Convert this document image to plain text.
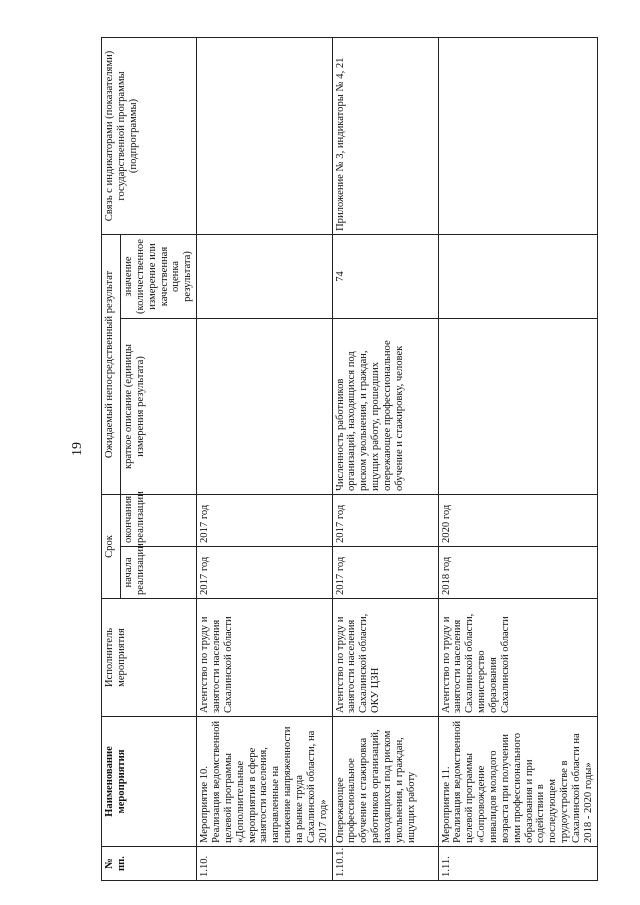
19
№ пп.	Наименование мероприятия	Исполнитель мероприятия	Срок		Ожидаемый непосредственный результат		Связь с индикаторами (показателями) государственной программы (подпрограммы)
			начала реализации	окончания реализации	краткое описание (единицы измерения результата)	значение (количественное измерение или качественная оценка результата)	
1.10.	Мероприятие 10. Реализация ведомственной целевой программы «Дополнительные мероприятия в сфере занятости населения, направленные на снижение напряженности на рынке труда Сахалинской области, на 2017 год»	Агентство по труду и занятости населения Сахалинской области	2017 год	2017 год			
1.10.1.	Опережающее профессиональное обучение и стажировка работников организаций, находящихся под риском увольнения, и граждан, ищущих работу	Агентство по труду и занятости населения Сахалинской области, ОКУ ЦЗН	2017 год	2017 год	Численность работников организаций, находящихся под риском увольнения, и граждан, ищущих работу, прошедших опережающее профессиональное обучение и стажировку, человек	74	Приложение № 3, индикаторы № 4, 21
1.11.	Мероприятие 11. Реализация ведомственной целевой программы «Сопровождение инвалидов молодого возраста при получении ими профессионального образования и при содействии в последующем трудоустройстве в Сахалинской области на 2018 - 2020 годы»	Агентство по труду и занятости населения Сахалинской области, министерство образования Сахалинской области	2018 год	2020 год			
